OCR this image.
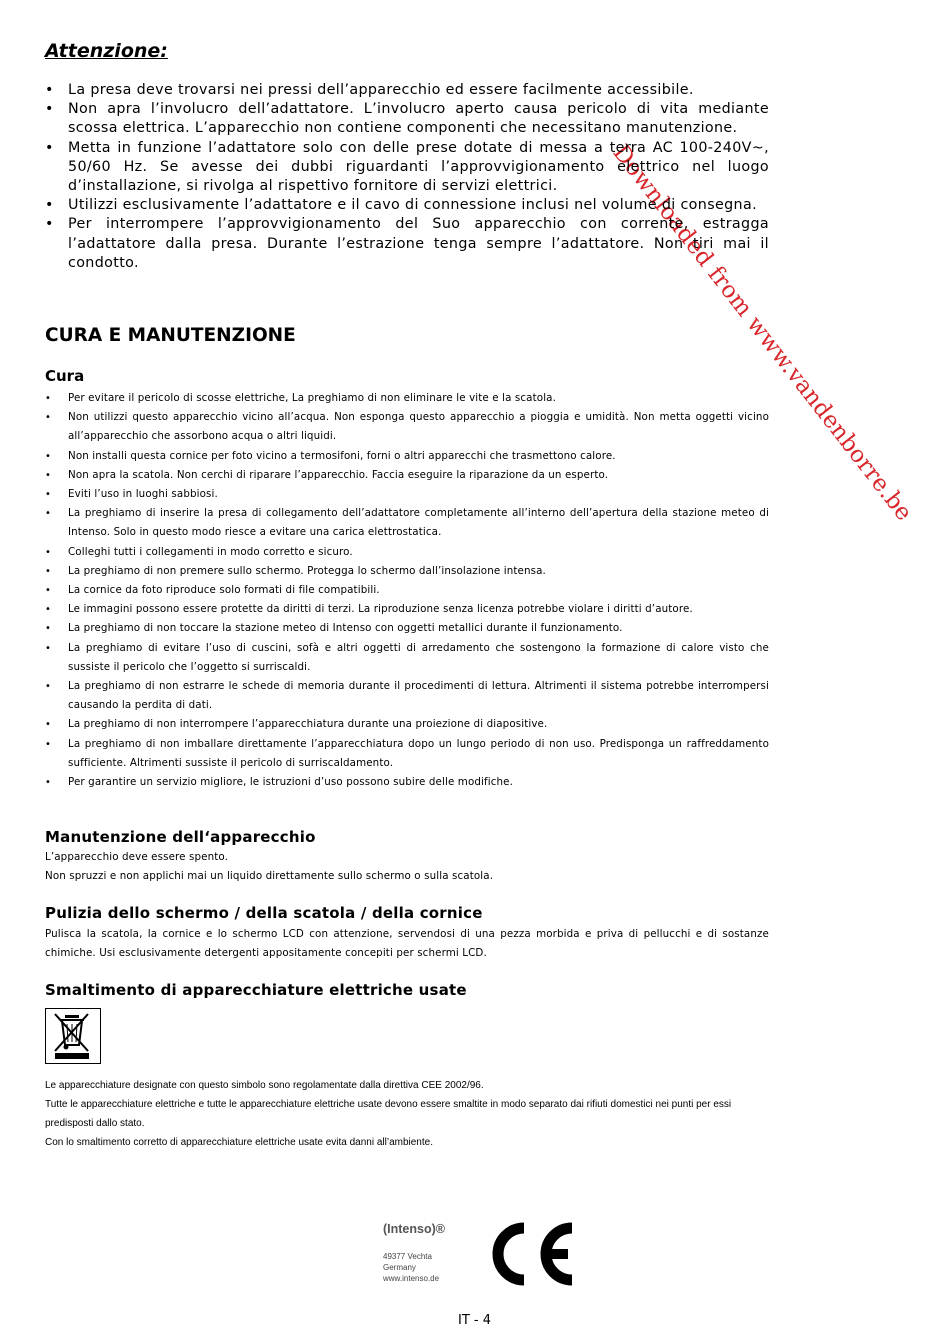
Downloaded from www.vandenborre.be
Attenzione:
• La presa deve trovarsi nei pressi dell’apparecchio ed essere facilmente accessibile.
• Non apra l’involucro dell’adattatore. L’involucro aperto causa pericolo di vita mediante scossa elettrica. L’apparecchio non contiene componenti che necessitano manutenzione.
• Metta in funzione l’adattatore solo con delle prese dotate di messa a terra AC 100-240V~, 50/60 Hz. Se avesse dei dubbi riguardanti l’approvvigionamento elettrico nel luogo d’installazione, si rivolga al rispettivo fornitore di servizi elettrici.
• Utilizzi esclusivamente l’adattatore e il cavo di connessione inclusi nel volume di consegna.
• Per interrompere l’approvvigionamento del Suo apparecchio con corrente, estragga l’adattatore dalla presa. Durante l’estrazione tenga sempre l’adattatore. Non tiri mai il condotto.
CURA E MANUTENZIONE
Cura
• Per evitare il pericolo di scosse elettriche, La preghiamo di non eliminare le vite e la scatola.
• Non utilizzi questo apparecchio vicino all’acqua. Non esponga questo apparecchio a pioggia e umidità. Non metta oggetti vicino all’apparecchio che assorbono acqua o altri liquidi.
• Non installi questa cornice per foto vicino a termosifoni, forni o altri apparecchi che trasmettono calore.
• Non apra la scatola. Non cerchi di riparare l’apparecchio. Faccia eseguire la riparazione da un esperto.
• Eviti l’uso in luoghi sabbiosi.
• La preghiamo di inserire la presa di collegamento dell’adattatore completamente all’interno dell’apertura della stazione meteo di Intenso. Solo in questo modo riesce a evitare una carica elettrostatica.
• Colleghi tutti i collegamenti in modo corretto e sicuro.
• La preghiamo di non premere sullo schermo. Protegga lo schermo dall’insolazione intensa.
• La cornice da foto riproduce solo formati di file compatibili.
• Le immagini possono essere protette da diritti di terzi. La riproduzione senza licenza potrebbe violare i diritti d’autore.
• La preghiamo di non toccare la stazione meteo di Intenso con oggetti metallici durante il funzionamento.
• La preghiamo di evitare l’uso di cuscini, sofà e altri oggetti di arredamento che sostengono la formazione di calore visto che sussiste il pericolo che l’oggetto si surriscaldi.
• La preghiamo di non estrarre le schede di memoria durante il procedimenti di lettura. Altrimenti il sistema potrebbe interrompersi causando la perdita di dati.
• La preghiamo di non interrompere l’apparecchiatura durante una proiezione di diapositive.
• La preghiamo di non imballare direttamente l’apparecchiatura dopo un lungo periodo di non uso. Predisponga un raffreddamento sufficiente. Altrimenti sussiste il pericolo di surriscaldamento.
• Per garantire un servizio migliore, le istruzioni d’uso possono subire delle modifiche.
Manutenzione dell‘apparecchio

L’apparecchio deve essere spento.

Non spruzzi e non applichi mai un liquido direttamente sullo schermo o sulla scatola.

Pulizia dello schermo / della scatola / della cornice

Pulisca la scatola, la cornice e lo schermo LCD con attenzione, servendosi di una pezza morbida e priva di pellucchi e di sostanze chimiche. Usi esclusivamente detergenti appositamente concepiti per schermi LCD.

Smaltimento di apparecchiature elettriche usate

Le apparecchiature designate con questo simbolo sono regolamentate dalla direttiva CEE 2002/96.

Tutte le apparecchiature elettriche e tutte le apparecchiature elettriche usate devono essere smaltite in modo separato dai rifiuti domestici nei punti per essi predisposti dallo stato.

Con lo smaltimento corretto di apparecchiature elettriche usate evita danni all’ambiente.

(Intenso)®
49377 Vechta
Germany
www.intenso.de
IT - 4
